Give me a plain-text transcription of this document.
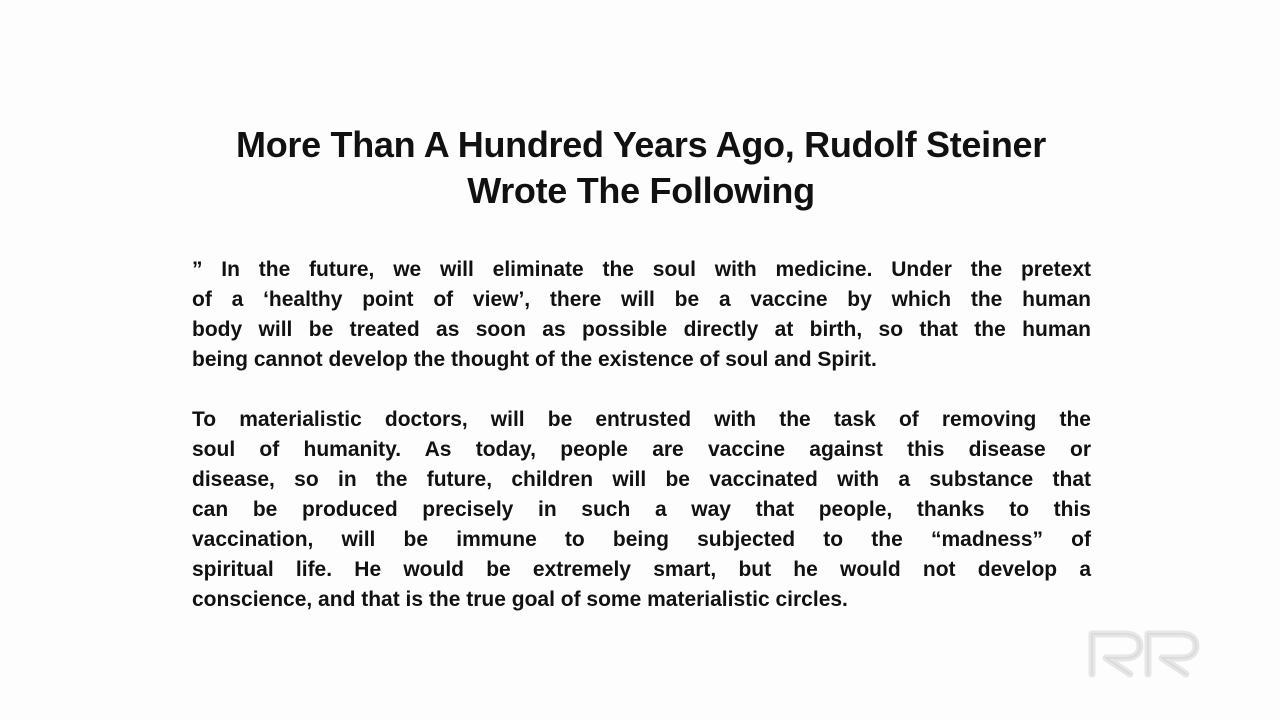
More Than A Hundred Years Ago, Rudolf Steiner
Wrote The Following

” In the future, we will eliminate the soul with medicine. Under the pretext
of a ‘healthy point of view’, there will be a vaccine by which the human
body will be treated as soon as possible directly at birth, so that the human
being cannot develop the thought of the existence of soul and Spirit.

To materialistic doctors, will be entrusted with the task of removing the
soul of humanity. As today, people are vaccine against this disease or
disease, so in the future, children will be vaccinated with a substance that
can be produced precisely in such a way that people, thanks to this
vaccination, will be immune to being subjected to the “madness” of
spiritual life. He would be extremely smart, but he would not develop a
conscience, and that is the true goal of some materialistic circles.
